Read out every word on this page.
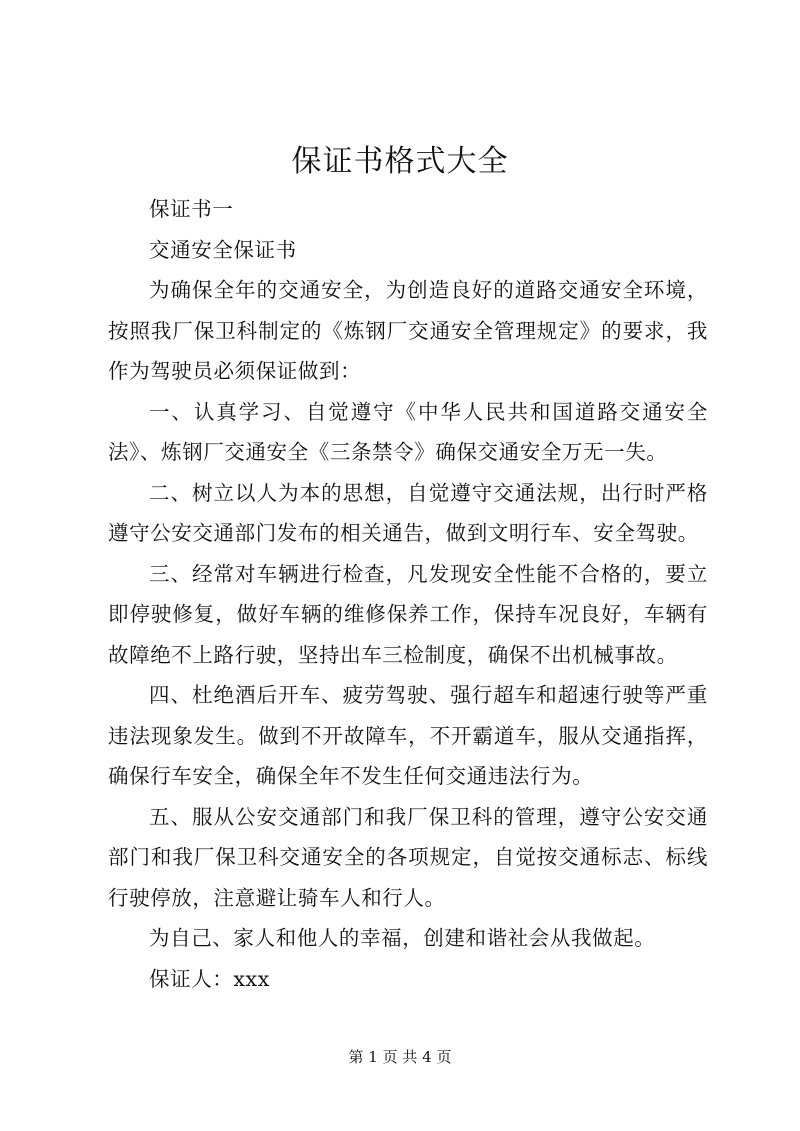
保证书格式大全

保证书一

交通安全保证书

为确保全年的交通安全，为创造良好的道路交通安全环境，按照我厂保卫科制定的《炼钢厂交通安全管理规定》的要求，我作为驾驶员必须保证做到：

一、认真学习、自觉遵守《中华人民共和国道路交通安全法》、炼钢厂交通安全《三条禁令》确保交通安全万无一失。

二、树立以人为本的思想，自觉遵守交通法规，出行时严格遵守公安交通部门发布的相关通告，做到文明行车、安全驾驶。

三、经常对车辆进行检查，凡发现安全性能不合格的，要立即停驶修复，做好车辆的维修保养工作，保持车况良好，车辆有故障绝不上路行驶，坚持出车三检制度，确保不出机械事故。

四、杜绝酒后开车、疲劳驾驶、强行超车和超速行驶等严重违法现象发生。做到不开故障车，不开霸道车，服从交通指挥，确保行车安全，确保全年不发生任何交通违法行为。

五、服从公安交通部门和我厂保卫科的管理，遵守公安交通部门和我厂保卫科交通安全的各项规定，自觉按交通标志、标线行驶停放，注意避让骑车人和行人。

为自己、家人和他人的幸福，创建和谐社会从我做起。

保证人：xxx

第 1 页 共 4 页
